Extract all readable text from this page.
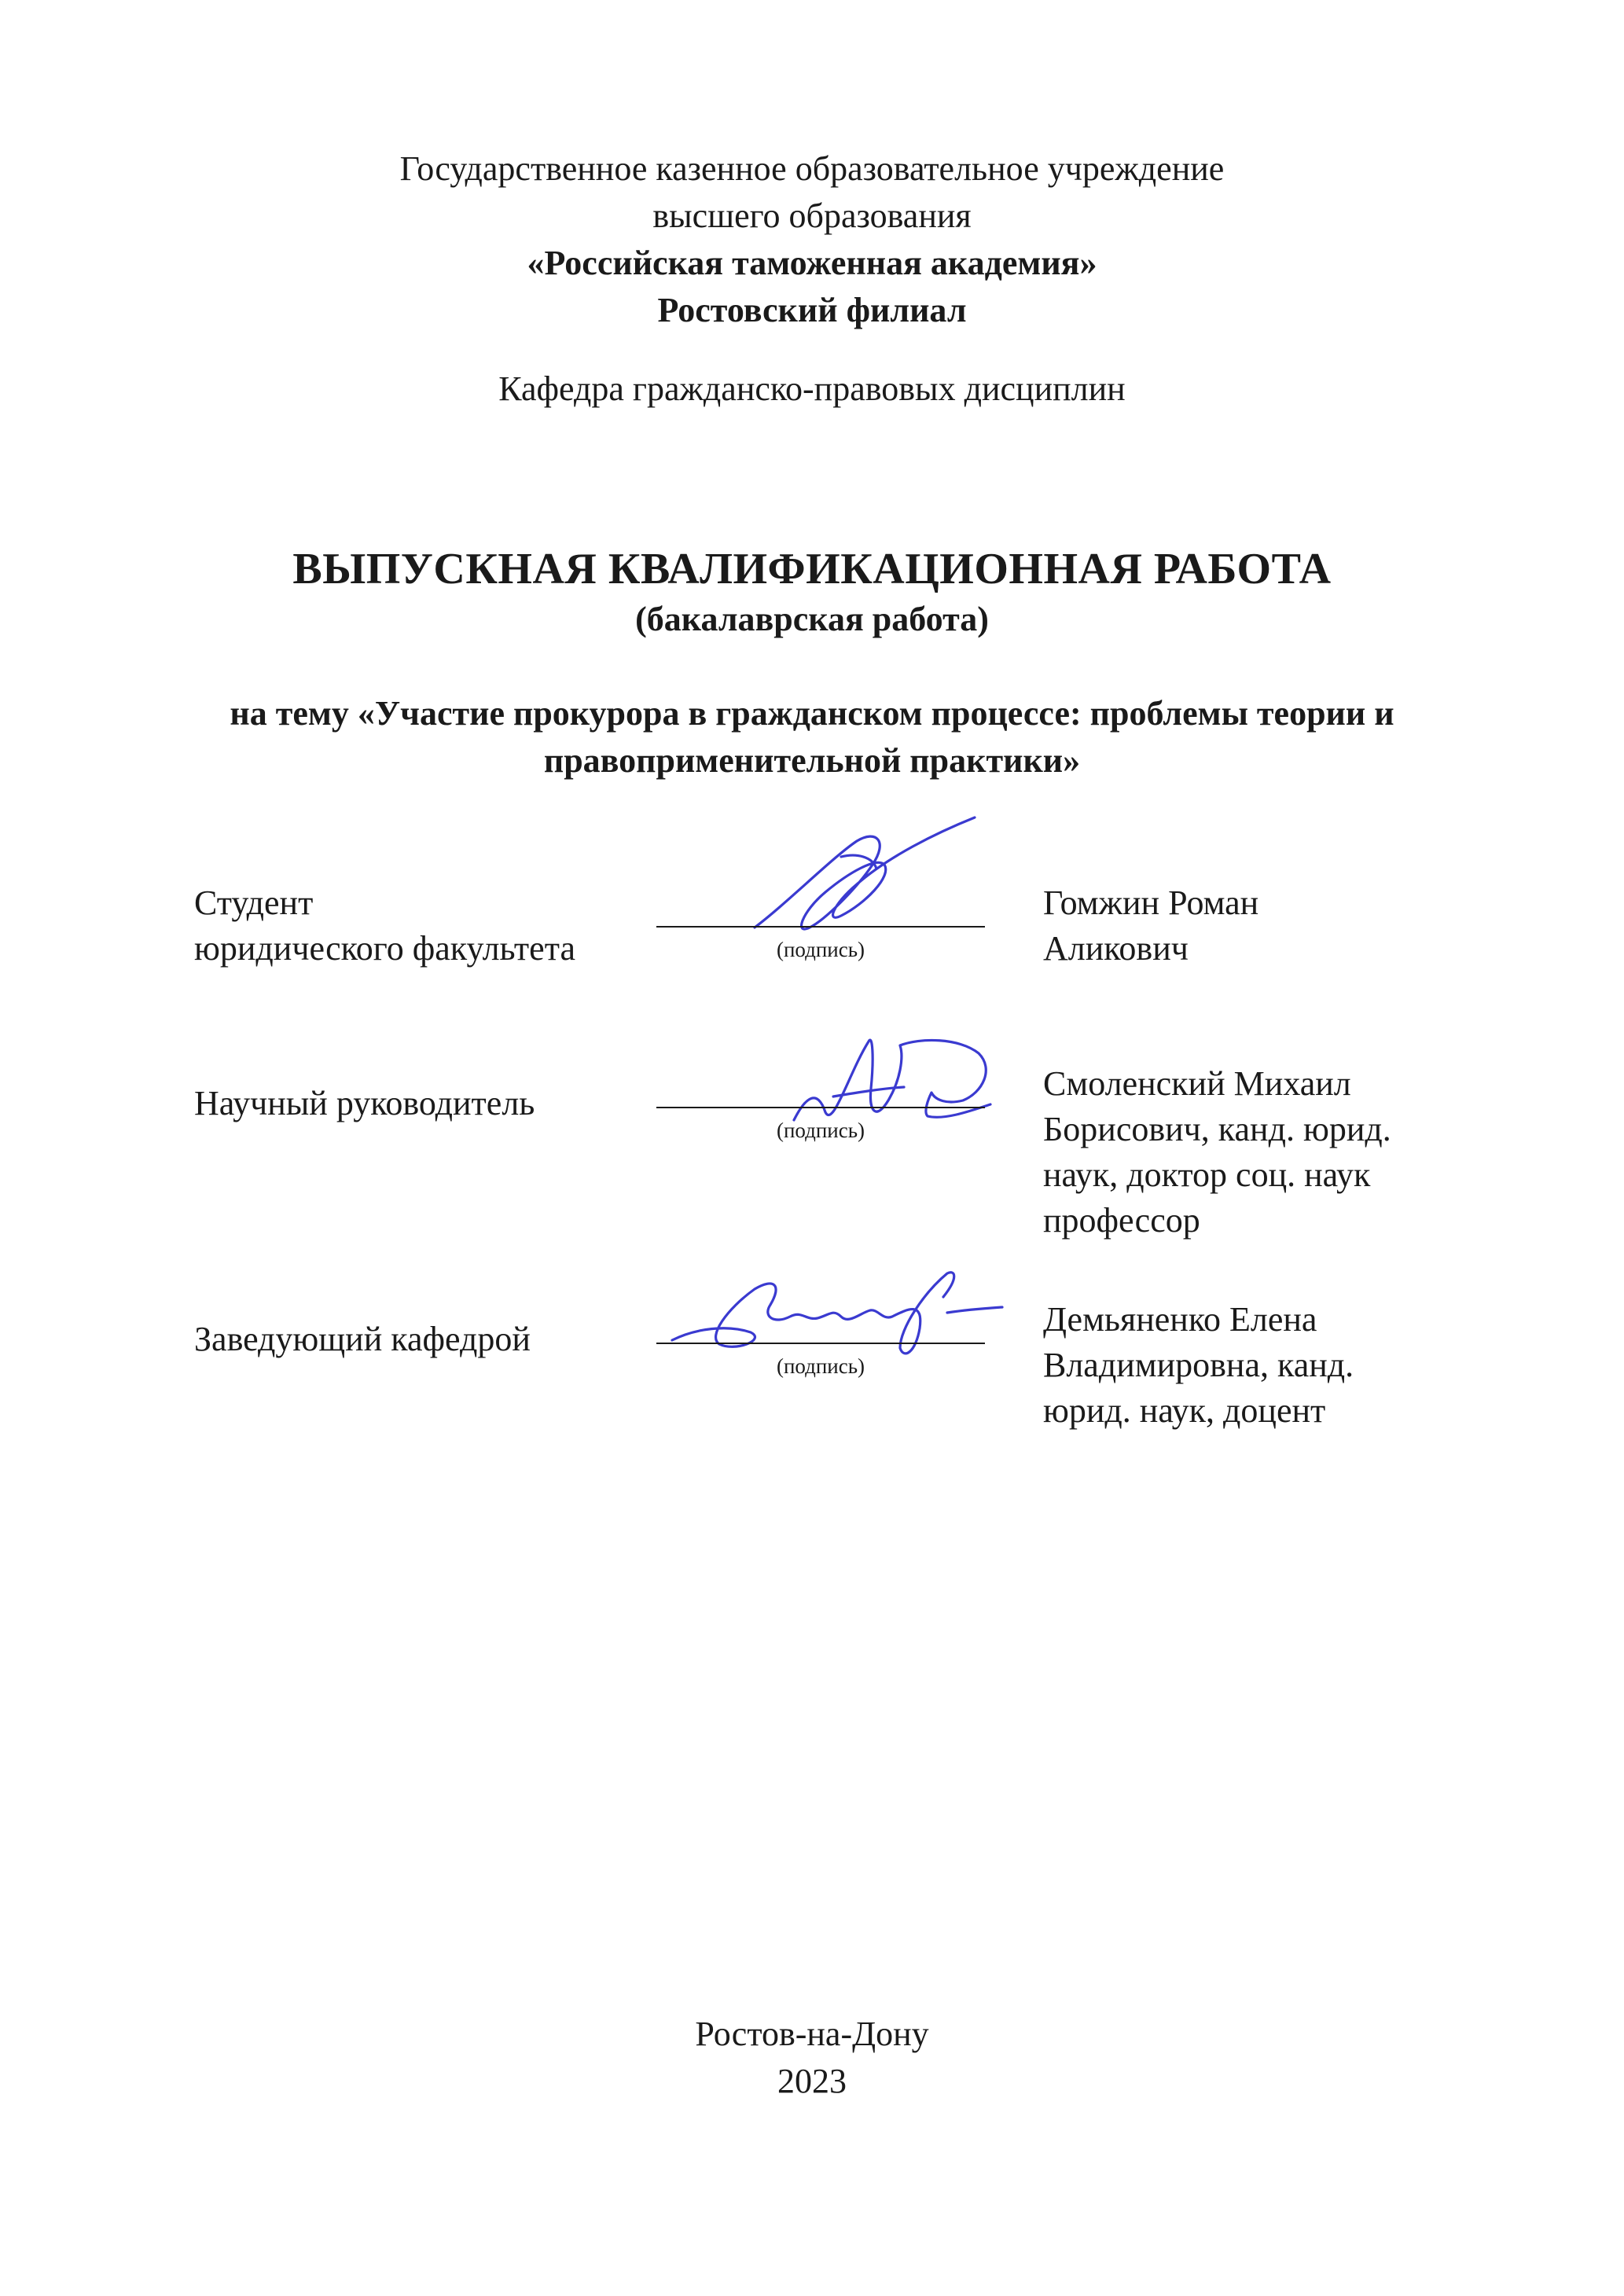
Государственное казенное образовательное учреждение
высшего образования
«Российская таможенная академия»
Ростовский филиал
Кафедра гражданско-правовых дисциплин
ВЫПУСКНАЯ КВАЛИФИКАЦИОННАЯ РАБОТА
(бакалаврская работа)
на тему «Участие прокурора в гражданском процессе: проблемы теории и
правоприменительной практики»
Студент
юридического факультета	(подпись)
Гомжин Роман
Аликович
Научный руководитель
(подпись)
Смоленский Михаил
Борисович, канд. юрид.
наук, доктор соц. наук
профессор
Заведующий кафедрой
(подпись)
Демьяненко Елена
Владимировна, канд.
юрид. наук, доцент
Ростов-на-Дону
2023
